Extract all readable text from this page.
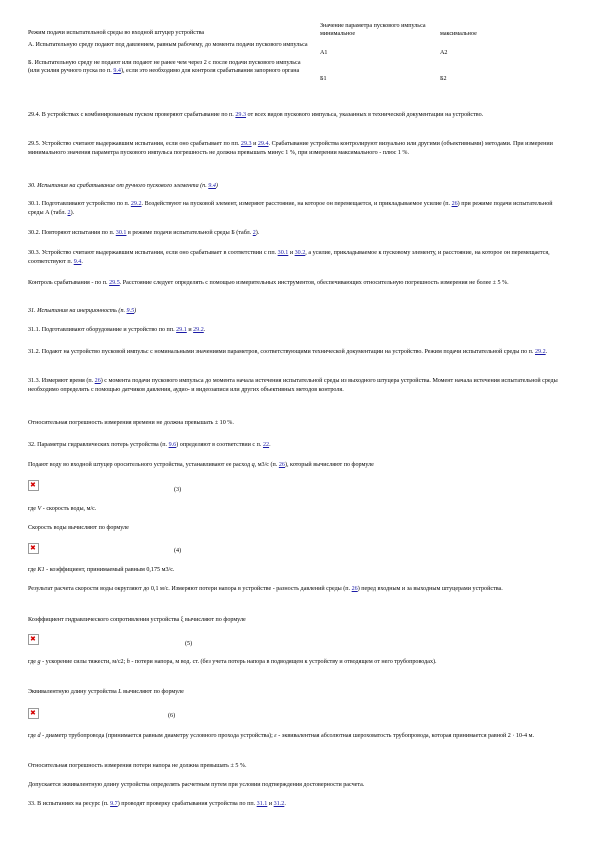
Режим подачи испытательной среды во входной штуцер устройства	Значение параметра пускового импульса	
	минимальное	максимальное
А. Испытательную среду подают под давлением, равным рабочему, до момента подачи пускового импульса	А1	А2
Б. Испытательную среду не подают или подают не ранее чем через 2 с после подачи пускового импульса (или усилия ручного пуска по п. 9.4), если это необходимо для контроля срабатывания запорного органа	Б1	Б2
29.4. В устройствах с комбинированным пуском проверяют срабатывание по п. 29.3 от всех видов пускового импульса, указанных в технической документации на устройство.
29.5. Устройство считают выдержавшим испытания, если оно срабатывает по пп. 29.3 и 29.4. Срабатывание устройства контролируют визуально или другими (объективными) методами. При измерении минимального значения параметра пускового импульса погрешность не должна превышать минус 1 %, при измерении максимального - плюс 1 %.
30. Испытания на срабатывание от ручного пускового элемента (п. 9.4)
30.1. Подготавливают устройство по п. 29.2. Воздействуют на пусковой элемент, измеряют расстояние, на которое он перемещается, и прикладываемое усилие (п. 26) при режиме подачи испытательной среды А (табл. 2).
30.2. Повторяют испытания по п. 30.1 в режиме подачи испытательной среды Б (табл. 2).
30.3. Устройство считают выдержавшим испытания, если оно срабатывает в соответствии с пп. 30.1 и 30.2, а усилие, прикладываемое к пусковому элементу, и расстояние, на которое он перемещается, соответствуют п. 9.4.
Контроль срабатывания - по п. 29.5. Расстояние следует определять с помощью измерительных инструментов, обеспечивающих относительную погрешность измерения не более ± 5 %.
31. Испытания на инерционность (п. 9.5)
31.1. Подготавливают оборудование и устройство по пп. 29.1 и 29.2.
31.2. Подают на устройство пусковой импульс с номинальными значениями параметров, соответствующими технической документации на устройство. Режим подачи испытательной среды по п. 29.2.
31.3. Измеряют время (п. 26) с момента подачи пускового импульса до момента начала истечения испытательной среды из выходного штуцера устройства. Момент начала истечения испытательной среды необходимо определять с помощью датчиков давления, аудио- и видеозаписи или других объективных методов контроля.
Относительная погрешность измерения времени не должна превышать ± 10 %.
32. Параметры гидравлических потерь устройства (п. 9.6) определяют в соответствии с п. 22.
Подают воду во входной штуцер оросительного устройства, устанавливают ее расход q, м3/с (п. 26), который вычисляют по формуле
✖
(3)
где V - скорость воды, м/с.
Скорость воды вычисляют по формуле
✖	(4)
где K1 - коэффициент, принимаемый равным 0,175 м3/с.
Результат расчета скорости воды округляют до 0,1 м/с. Измеряют потери напора в устройстве - разность давлений среды (п. 26) перед входным и за выходным штуцерами устройства.
Коэффициент гидравлического сопротивления устройства ξ вычисляют по формуле
✖
(5)
где g - ускорение силы тяжести, м/с2; h - потери напора, м вод. ст. (без учета потерь напора в подводящем к устройству и отводящем от него трубопроводах).
Эквивалентную длину устройства L вычисляют по формуле
✖	(6)
где d - диаметр трубопровода (принимается равным диаметру условного прохода устройства); ε - эквивалентная абсолютная шероховатость трубопровода, которая принимается равной 2 · 10-4 м.
Относительная погрешность измерения потери напора не должна превышать ± 5 %.
Допускается эквивалентную длину устройства определять расчетным путем при условии подтверждения достоверности расчета.
33. В испытаниях на ресурс (п. 9.7) проводят проверку срабатывания устройства по пп. 31.1 и 31.2.
